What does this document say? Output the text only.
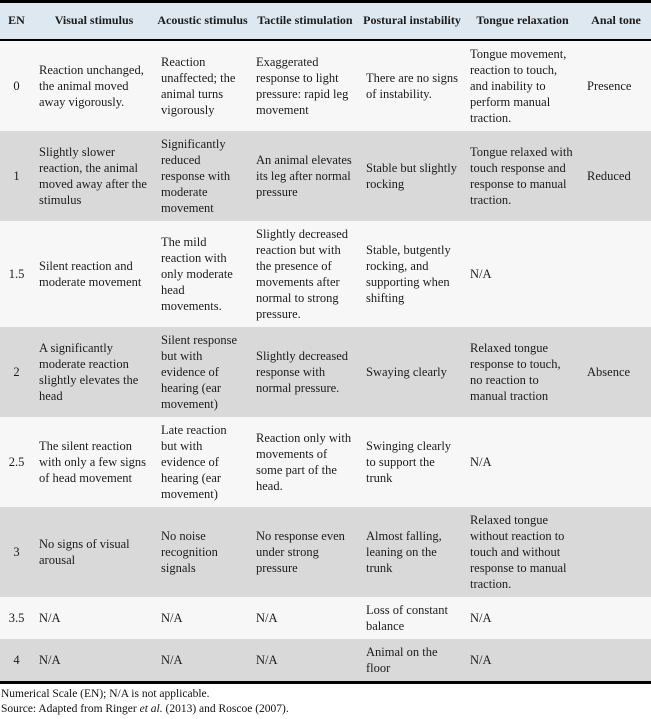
EN	Visual stimulus	Acoustic stimulus	Tactile stimulation	Postural instability	Tongue relaxation	Anal tone
0	Reaction unchanged, the animal moved away vigorously.	Reaction unaffected; the animal turns vigorously	Exaggerated response to light pressure: rapid leg movement	There are no signs of instability.	Tongue movement, reaction to touch, and inability to perform manual traction.	Presence
1	Slightly slower reaction, the animal moved away after the stimulus	Significantly reduced response with moderate movement	An animal elevates its leg after normal pressure	Stable but slightly rocking	Tongue relaxed with touch response and response to manual traction.	Reduced
1.5	Silent reaction and moderate movement	The mild reaction with only moderate head movements.	Slightly decreased reaction but with the presence of movements after normal to strong pressure.	Stable, butgently rocking, and supporting when shifting	N/A	
2	A significantly moderate reaction slightly elevates the head	Silent response but with evidence of hearing (ear movement)	Slightly decreased response with normal pressure.	Swaying clearly	Relaxed tongue response to touch, no reaction to manual traction	Absence
2.5	The silent reaction with only a few signs of head movement	Late reaction but with evidence of hearing (ear movement)	Reaction only with movements of some part of the head.	Swinging clearly to support the trunk	N/A	
3	No signs of visual arousal	No noise recognition signals	No response even under strong pressure	Almost falling, leaning on the trunk	Relaxed tongue without reaction to touch and without response to manual traction.	
3.5	N/A	N/A	N/A	Loss of constant balance	N/A	
4	N/A	N/A	N/A	Animal on the floor	N/A	
Numerical Scale (EN); N/A is not applicable.
Source: Adapted from Ringer et al. (2013) and Roscoe (2007).
